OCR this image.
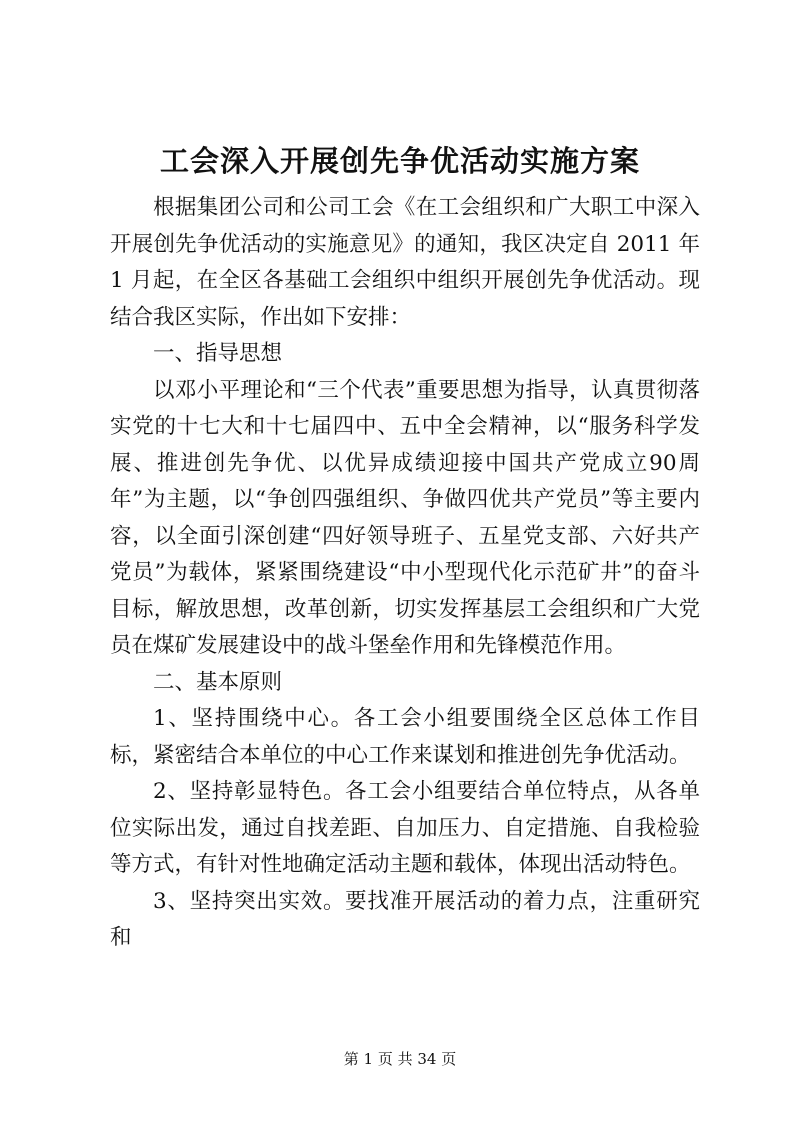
工会深入开展创先争优活动实施方案

根据集团公司和公司工会《在工会组织和广大职工中深入开展创先争优活动的实施意见》的通知，我区决定自 2011 年 1 月起，在全区各基础工会组织中组织开展创先争优活动。现结合我区实际，作出如下安排：

一、指导思想

以邓小平理论和“三个代表”重要思想为指导，认真贯彻落实党的十七大和十七届四中、五中全会精神，以“服务科学发展、推进创先争优、以优异成绩迎接中国共产党成立90周年”为主题，以“争创四强组织、争做四优共产党员”等主要内容，以全面引深创建“四好领导班子、五星党支部、六好共产党员”为载体，紧紧围绕建设“中小型现代化示范矿井”的奋斗目标，解放思想，改革创新，切实发挥基层工会组织和广大党员在煤矿发展建设中的战斗堡垒作用和先锋模范作用。

二、基本原则

1、坚持围绕中心。各工会小组要围绕全区总体工作目标，紧密结合本单位的中心工作来谋划和推进创先争优活动。

2、坚持彰显特色。各工会小组要结合单位特点，从各单位实际出发，通过自找差距、自加压力、自定措施、自我检验等方式，有针对性地确定活动主题和载体，体现出活动特色。

3、坚持突出实效。要找准开展活动的着力点，注重研究和

第 1 页 共 34 页
